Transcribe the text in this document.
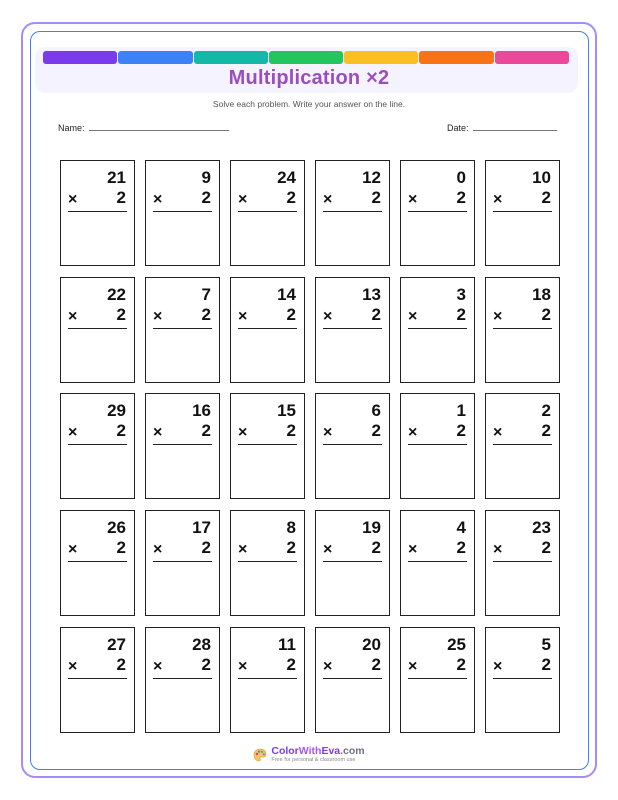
Multiplication ×2
Solve each problem. Write your answer on the line.
Name:	Date:
21
× 2
9
× 2
24
× 2
12
× 2
0
× 2
10
× 2
22
× 2
7
× 2
14
× 2
13
× 2
3
× 2
18
× 2
29
× 2
16
× 2
15
× 2
6
× 2
1
× 2
2
× 2
26
× 2
17
× 2
8
× 2
19
× 2
4
× 2
23
× 2
27
× 2
28
× 2
11
× 2
20
× 2
25
× 2
5
× 2
ColorWithEva.com
Free for personal & classroom use
